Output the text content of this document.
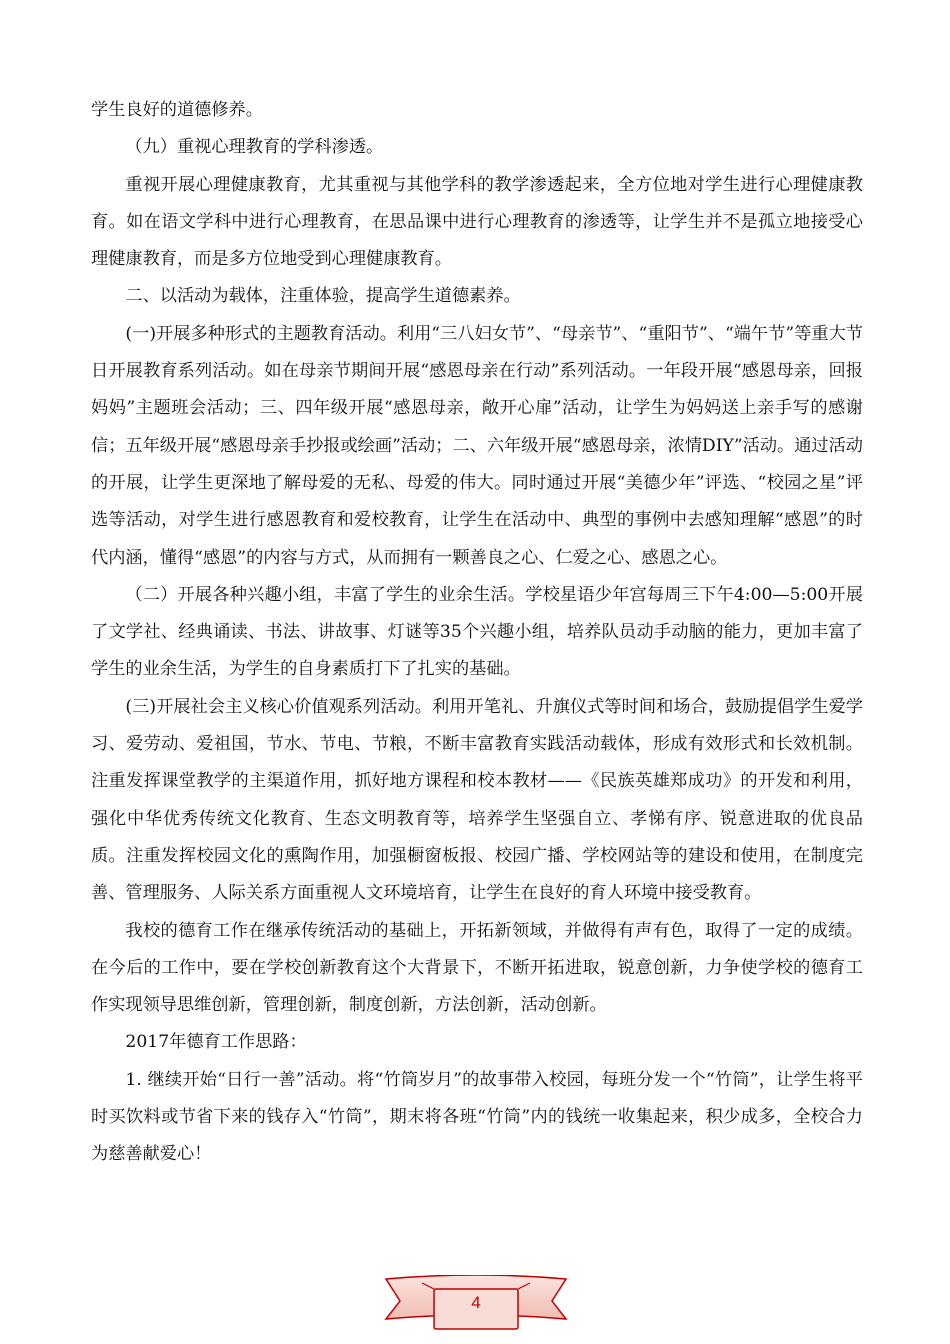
学生良好的道德修养。

（九）重视心理教育的学科渗透。

重视开展心理健康教育，尤其重视与其他学科的教学渗透起来，全方位地对学生进行心理健康教育。如在语文学科中进行心理教育，在思品课中进行心理教育的渗透等，让学生并不是孤立地接受心理健康教育，而是多方位地受到心理健康教育。

二、以活动为载体，注重体验，提高学生道德素养。

(一)开展多种形式的主题教育活动。利用“三八妇女节”、“母亲节”、“重阳节”、“端午节”等重大节日开展教育系列活动。如在母亲节期间开展“感恩母亲在行动”系列活动。一年段开展“感恩母亲，回报妈妈”主题班会活动；三、四年级开展“感恩母亲，敞开心扉”活动，让学生为妈妈送上亲手写的感谢信；五年级开展“感恩母亲手抄报或绘画”活动；二、六年级开展“感恩母亲，浓情DIY”活动。通过活动的开展，让学生更深地了解母爱的无私、母爱的伟大。同时通过开展“美德少年”评选、“校园之星”评选等活动，对学生进行感恩教育和爱校教育，让学生在活动中、典型的事例中去感知理解“感恩”的时代内涵，懂得“感恩”的内容与方式，从而拥有一颗善良之心、仁爱之心、感恩之心。

（二）开展各种兴趣小组，丰富了学生的业余生活。学校星语少年宫每周三下午4:00—5:00开展了文学社、经典诵读、书法、讲故事、灯谜等35个兴趣小组，培养队员动手动脑的能力，更加丰富了学生的业余生活，为学生的自身素质打下了扎实的基础。

(三)开展社会主义核心价值观系列活动。利用开笔礼、升旗仪式等时间和场合，鼓励提倡学生爱学习、爱劳动、爱祖国，节水、节电、节粮，不断丰富教育实践活动载体，形成有效形式和长效机制。注重发挥课堂教学的主渠道作用，抓好地方课程和校本教材——《民族英雄郑成功》的开发和利用，强化中华优秀传统文化教育、生态文明教育等，培养学生坚强自立、孝悌有序、锐意进取的优良品质。注重发挥校园文化的熏陶作用，加强橱窗板报、校园广播、学校网站等的建设和使用，在制度完善、管理服务、人际关系方面重视人文环境培育，让学生在良好的育人环境中接受教育。

我校的德育工作在继承传统活动的基础上，开拓新领域，并做得有声有色，取得了一定的成绩。在今后的工作中，要在学校创新教育这个大背景下，不断开拓进取，锐意创新，力争使学校的德育工作实现领导思维创新，管理创新，制度创新，方法创新，活动创新。

2017年德育工作思路：

1. 继续开始“日行一善”活动。将“竹筒岁月”的故事带入校园，每班分发一个“竹筒”，让学生将平时买饮料或节省下来的钱存入“竹筒”，期末将各班“竹筒”内的钱统一收集起来，积少成多，全校合力为慈善献爱心！

4
